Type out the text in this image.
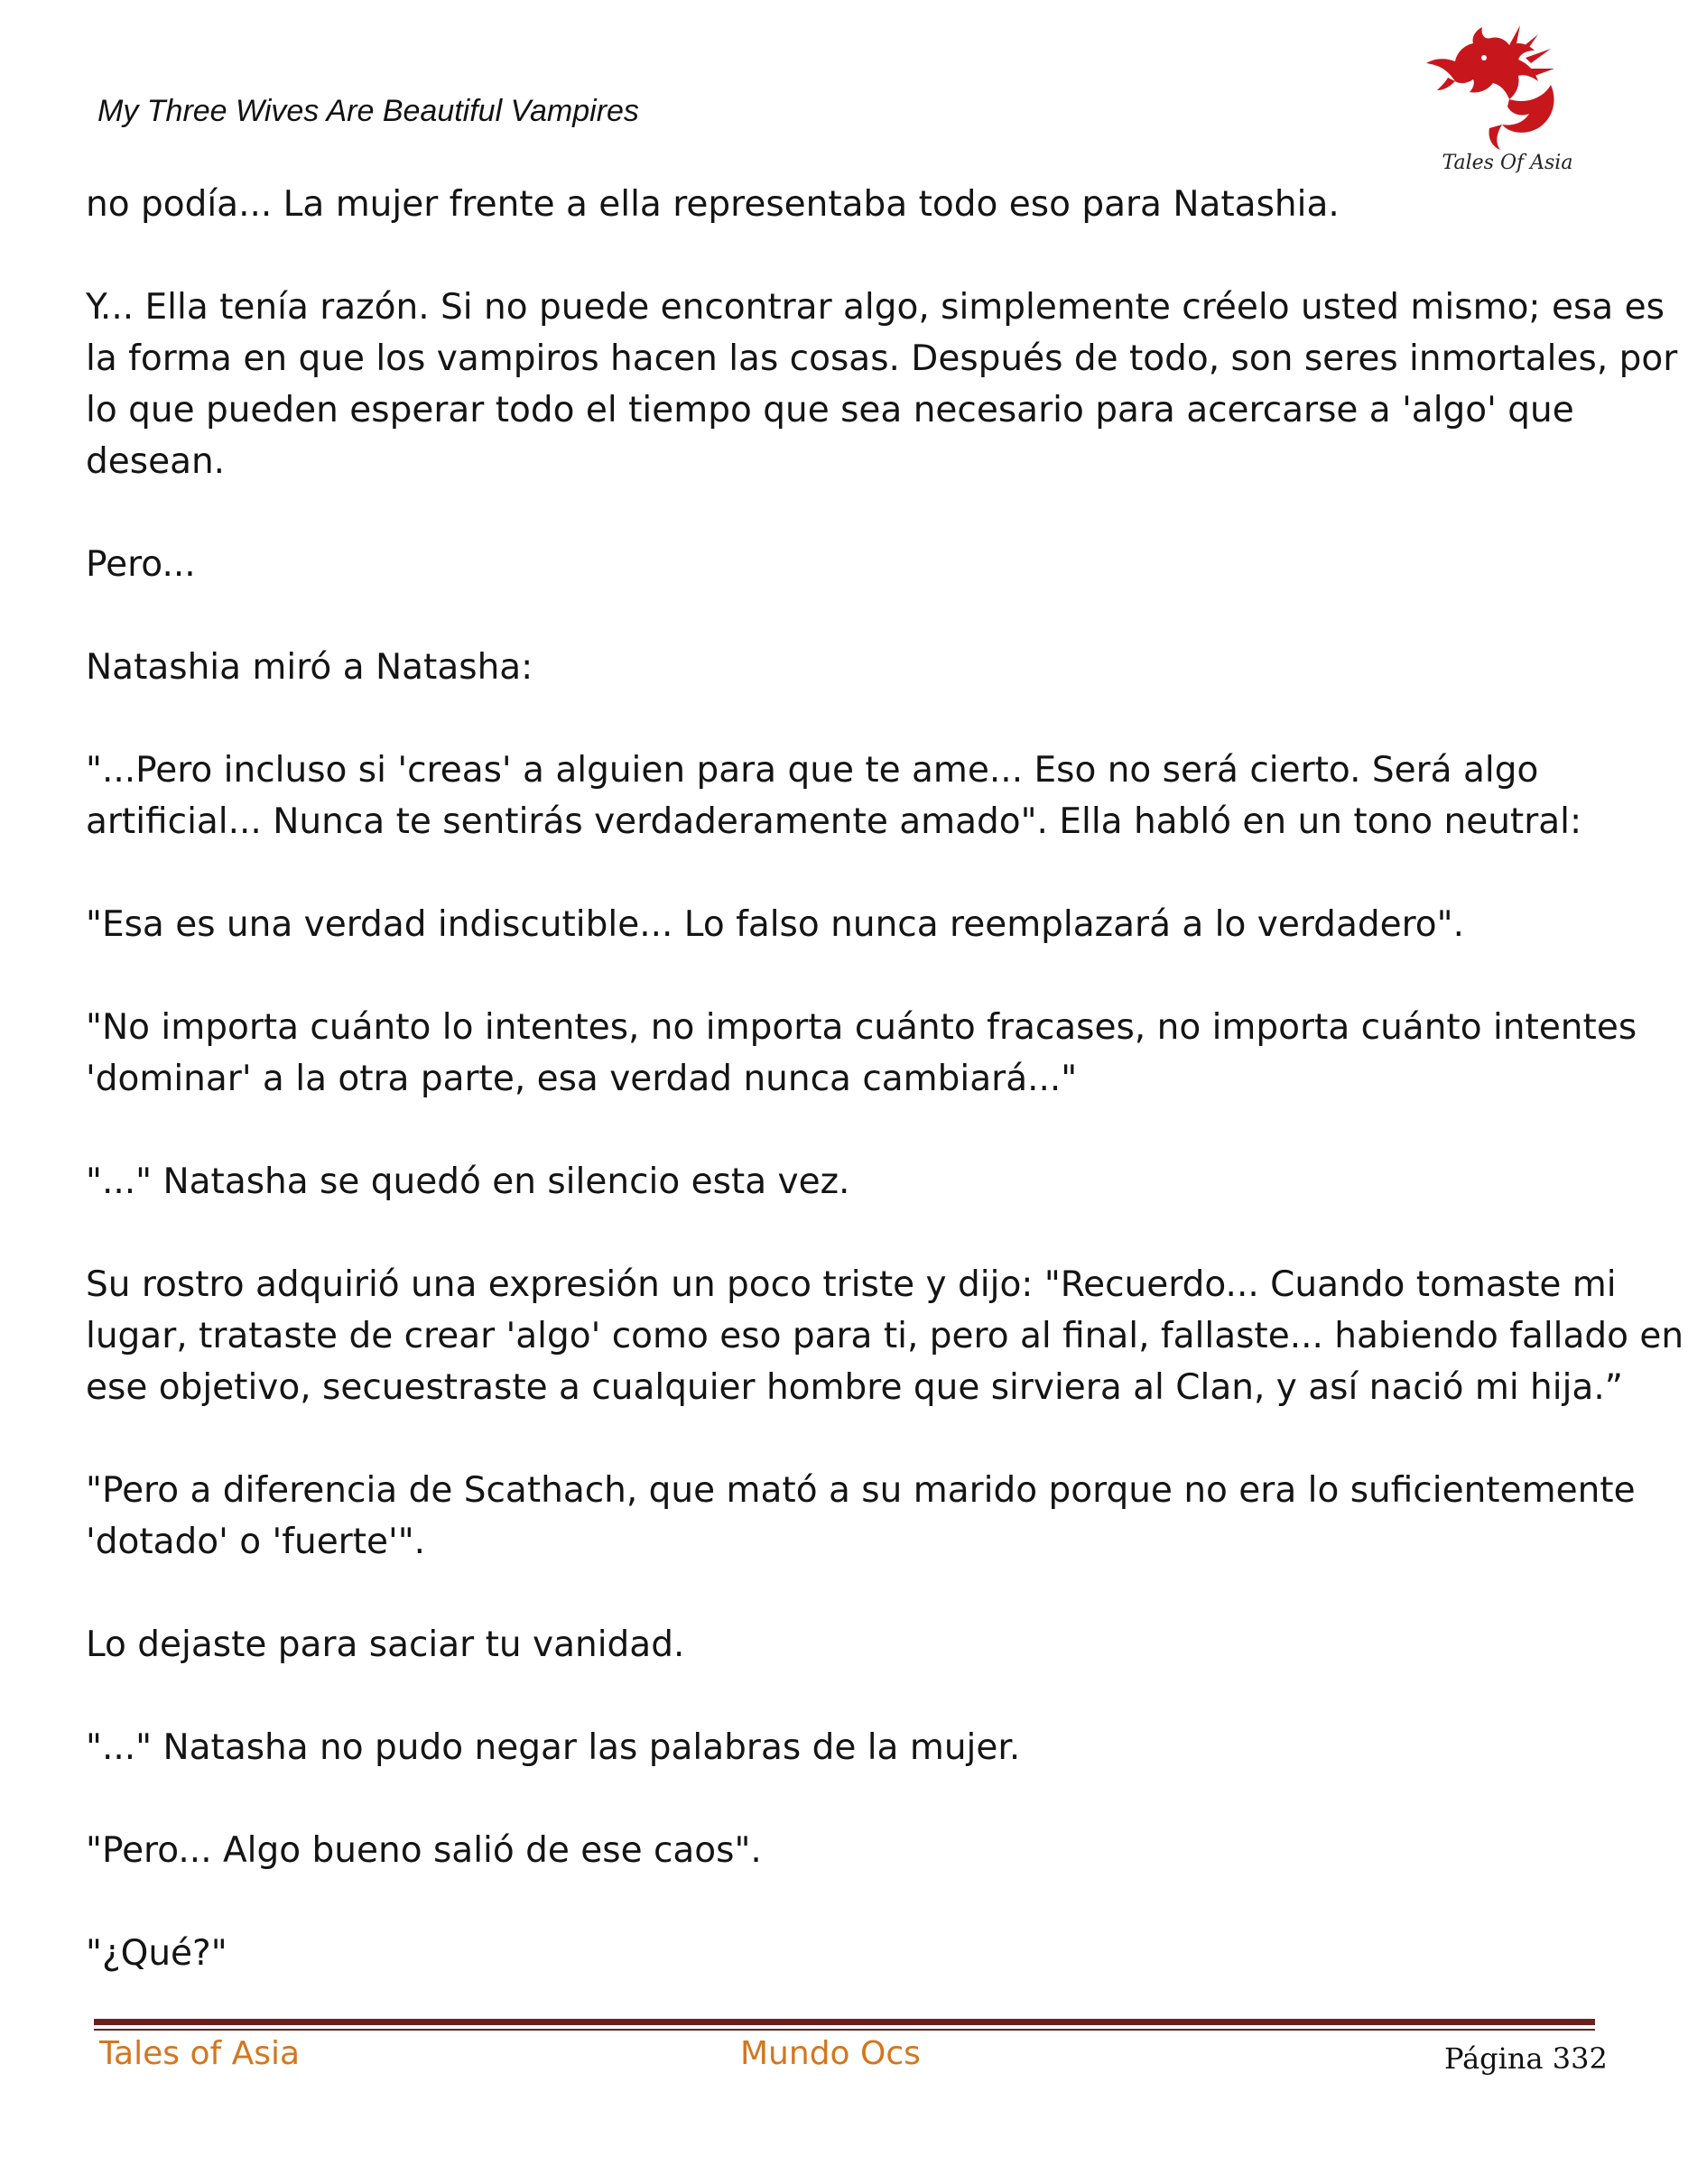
My Three Wives Are Beautiful Vampires
Tales Of Asia

no podía... La mujer frente a ella representaba todo eso para Natashia.

Y... Ella tenía razón. Si no puede encontrar algo, simplemente créelo usted mismo; esa es
la forma en que los vampiros hacen las cosas. Después de todo, son seres inmortales, por
lo que pueden esperar todo el tiempo que sea necesario para acercarse a 'algo' que
desean.

Pero...

Natashia miró a Natasha:

"...Pero incluso si 'creas' a alguien para que te ame... Eso no será cierto. Será algo
artificial... Nunca te sentirás verdaderamente amado". Ella habló en un tono neutral:

"Esa es una verdad indiscutible... Lo falso nunca reemplazará a lo verdadero".

"No importa cuánto lo intentes, no importa cuánto fracases, no importa cuánto intentes
'dominar' a la otra parte, esa verdad nunca cambiará..."

"..." Natasha se quedó en silencio esta vez.

Su rostro adquirió una expresión un poco triste y dijo: "Recuerdo... Cuando tomaste mi
lugar, trataste de crear 'algo' como eso para ti, pero al final, fallaste... habiendo fallado en
ese objetivo, secuestraste a cualquier hombre que sirviera al Clan, y así nació mi hija.”

"Pero a diferencia de Scathach, que mató a su marido porque no era lo suficientemente
'dotado' o 'fuerte'".

Lo dejaste para saciar tu vanidad.

"..." Natasha no pudo negar las palabras de la mujer.

"Pero... Algo bueno salió de ese caos".

"¿Qué?"

Tales of Asia	Mundo Ocs	Página 332
